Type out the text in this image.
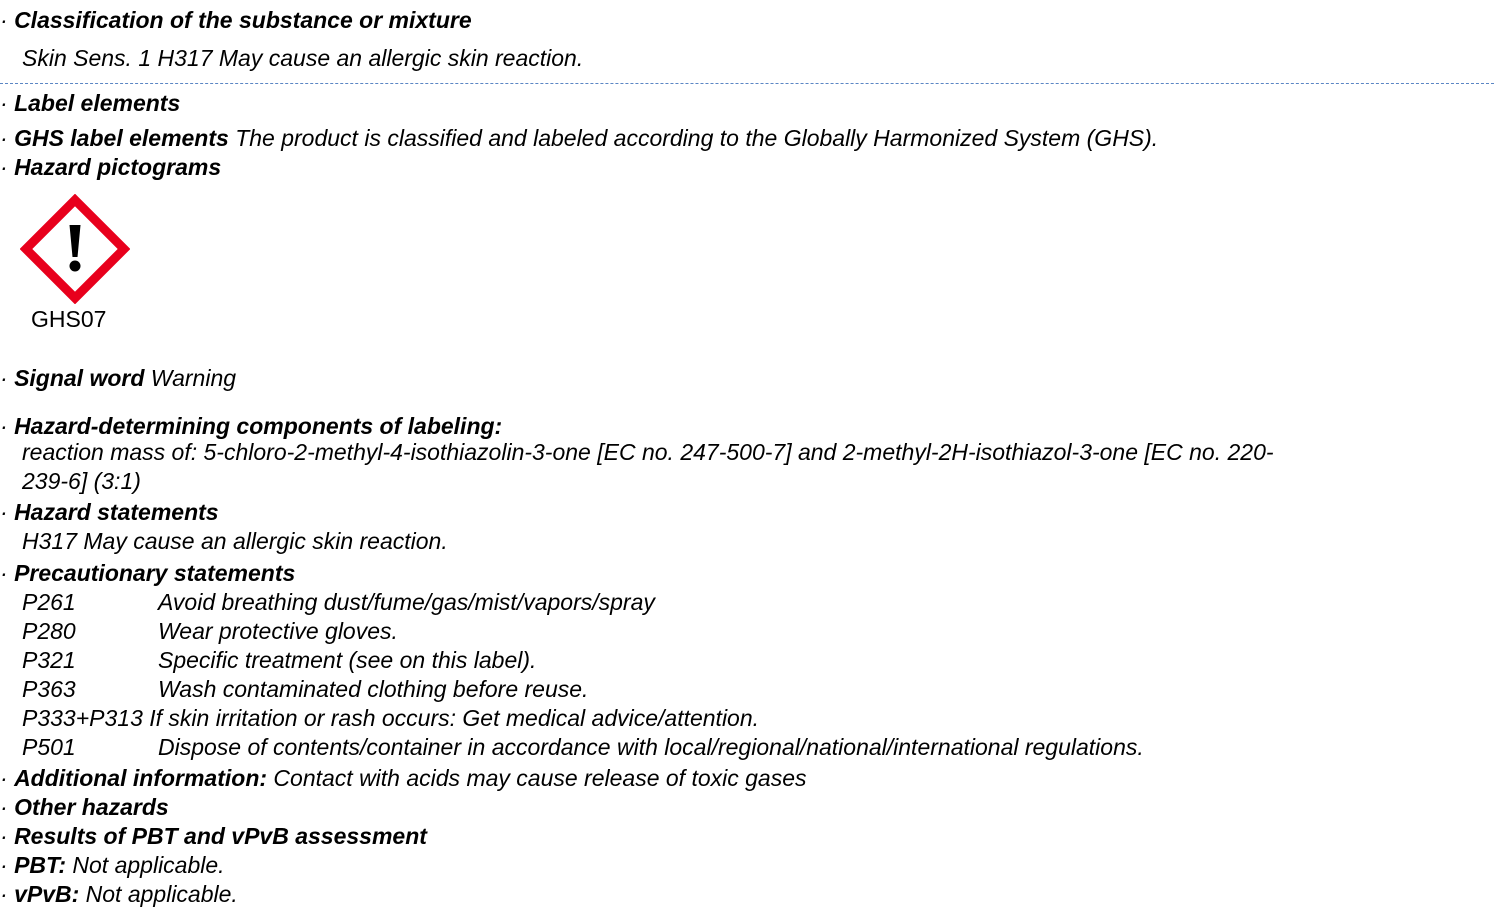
· Classification of the substance or mixture
Skin Sens. 1 H317 May cause an allergic skin reaction.
· Label elements
· GHS label elements The product is classified and labeled according to the Globally Harmonized System (GHS).
· Hazard pictograms
GHS07
· Signal word Warning
· Hazard-determining components of labeling:
reaction mass of: 5-chloro-2-methyl-4-isothiazolin-3-one [EC no. 247-500-7] and 2-methyl-2H-isothiazol-3-one [EC no. 220-
239-6] (3:1)
· Hazard statements
H317 May cause an allergic skin reaction.
· Precautionary statements
P261	Avoid breathing dust/fume/gas/mist/vapors/spray
P280	Wear protective gloves.
P321	Specific treatment (see on this label).
P363	Wash contaminated clothing before reuse.
P333+P313 If skin irritation or rash occurs: Get medical advice/attention.
P501	Dispose of contents/container in accordance with local/regional/national/international regulations.
· Additional information: Contact with acids may cause release of toxic gases
· Other hazards
· Results of PBT and vPvB assessment
· PBT: Not applicable.
· vPvB: Not applicable.
